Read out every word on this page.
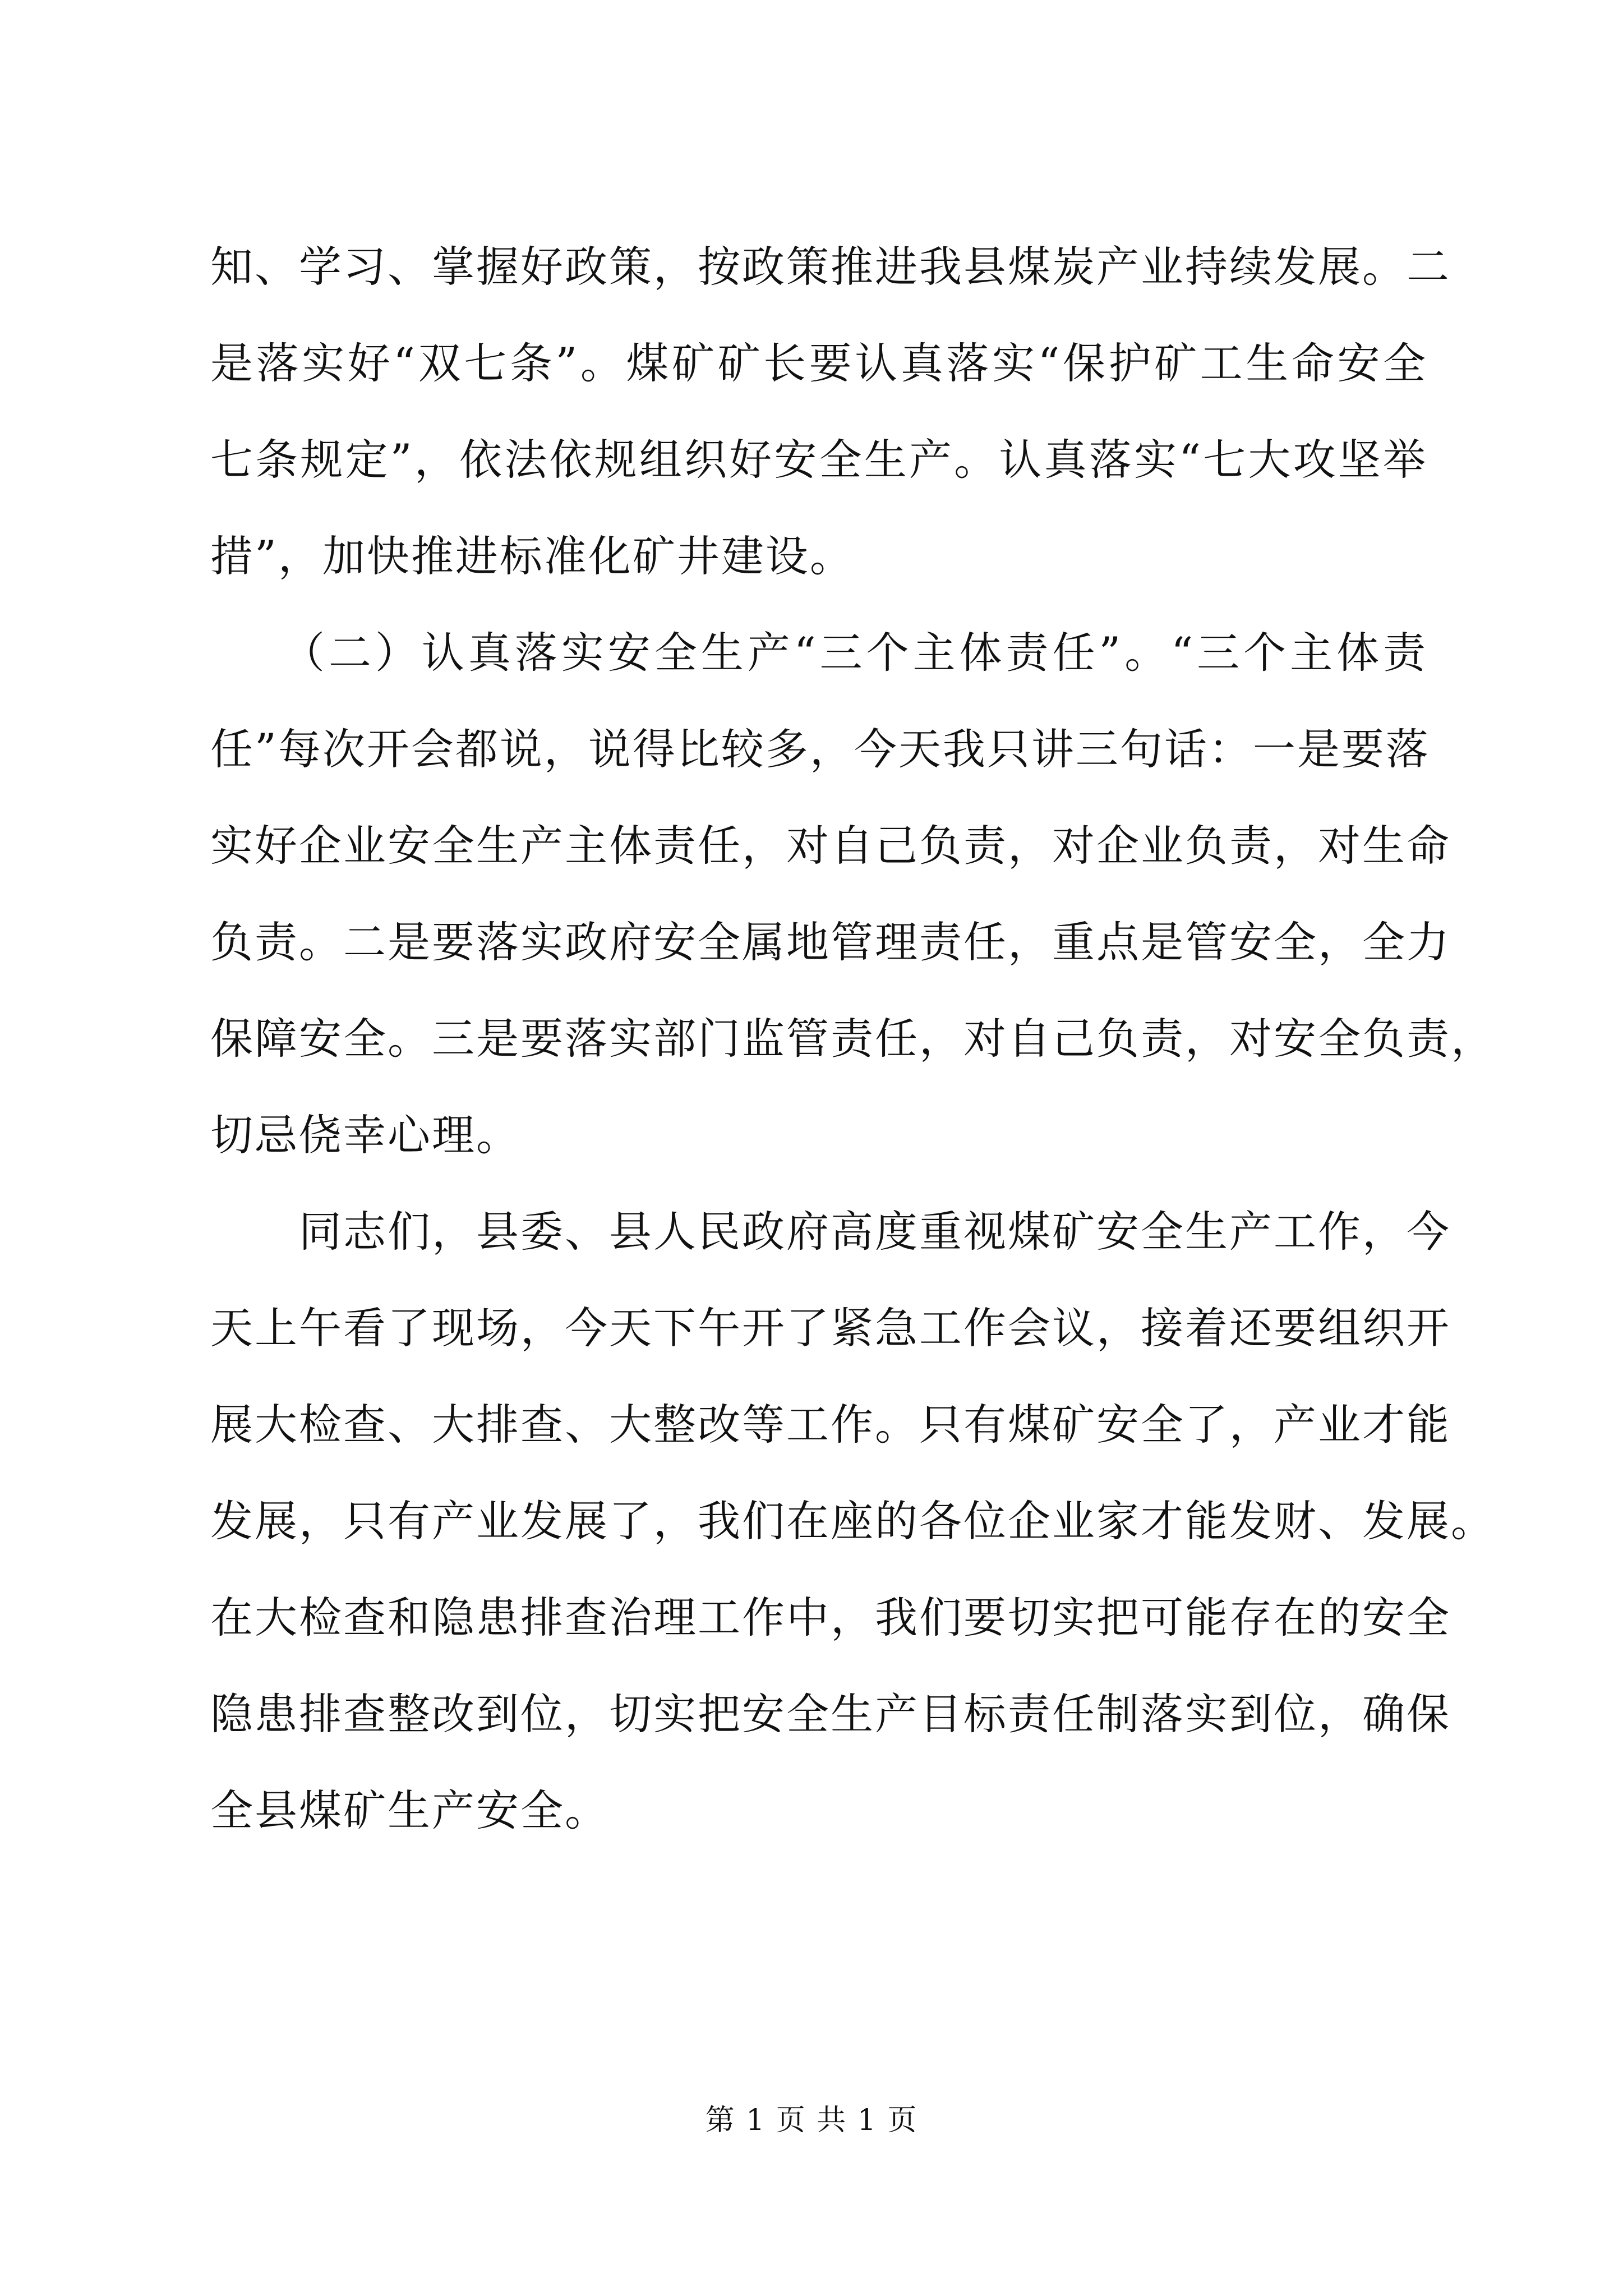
知、学习、掌握好政策，按政策推进我县煤炭产业持续发展。二
是落实好“双七条”。煤矿矿长要认真落实“保护矿工生命安全
七条规定”，依法依规组织好安全生产。认真落实“七大攻坚举
措”，加快推进标准化矿井建设。
　　（二）认真落实安全生产“三个主体责任”。“三个主体责
任”每次开会都说，说得比较多，今天我只讲三句话：一是要落
实好企业安全生产主体责任，对自己负责，对企业负责，对生命
负责。二是要落实政府安全属地管理责任，重点是管安全，全力
保障安全。三是要落实部门监管责任，对自己负责，对安全负责，
切忌侥幸心理。
　　同志们，县委、县人民政府高度重视煤矿安全生产工作，今
天上午看了现场，今天下午开了紧急工作会议，接着还要组织开
展大检查、大排查、大整改等工作。只有煤矿安全了，产业才能
发展，只有产业发展了，我们在座的各位企业家才能发财、发展。
在大检查和隐患排查治理工作中，我们要切实把可能存在的安全
隐患排查整改到位，切实把安全生产目标责任制落实到位，确保
全县煤矿生产安全。
第 1 页 共 1 页
